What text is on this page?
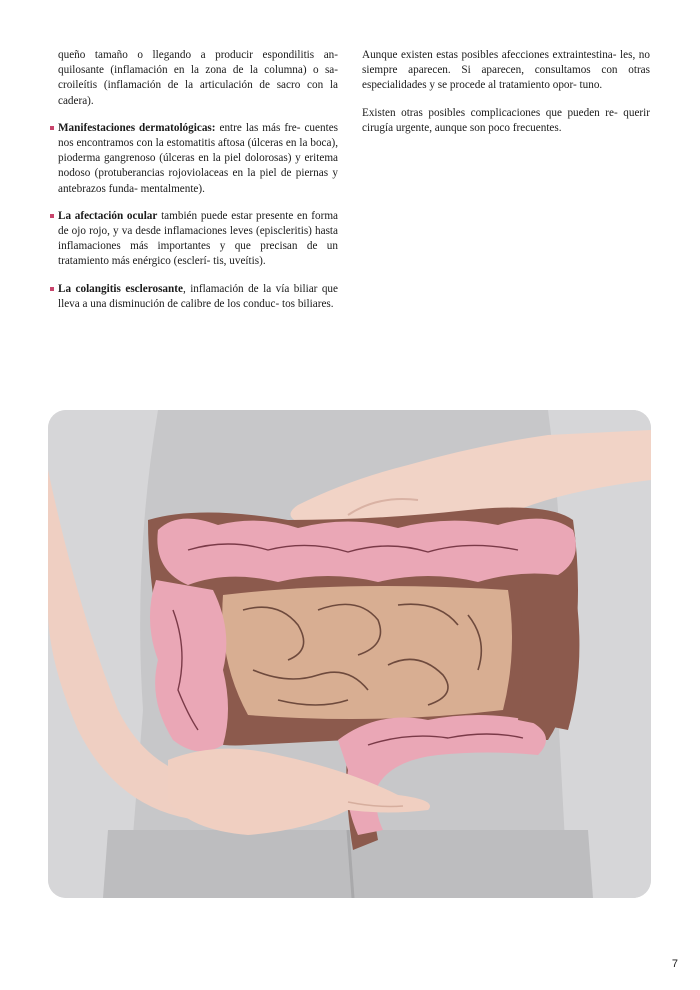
queño tamaño o llegando a producir espondilitis an- quilosante (inflamación en la zona de la columna) o sa- croileítis (inflamación de la articulación de sacro con la cadera).

Manifestaciones dermatológicas: entre las más fre- cuentes nos encontramos con la estomatitis aftosa (úlceras en la boca), pioderma gangrenoso (úlceras en la piel dolorosas) y eritema nodoso (protuberancias rojoviolaceas en la piel de piernas y antebrazos funda- mentalmente).

La afectación ocular también puede estar presente en forma de ojo rojo, y va desde inflamaciones leves (episcleritis) hasta inflamaciones más importantes y que precisan de un tratamiento más enérgico (esclerí- tis, uveítis).

La colangitis esclerosante, inflamación de la vía biliar que lleva a una disminución de calibre de los conduc- tos biliares.

Aunque existen estas posibles afecciones extraintestina- les, no siempre aparecen. Si aparecen, consultamos con otras especialidades y se procede al tratamiento opor- tuno.

Existen otras posibles complicaciones que pueden re- querir cirugía urgente, aunque son poco frecuentes.

7
